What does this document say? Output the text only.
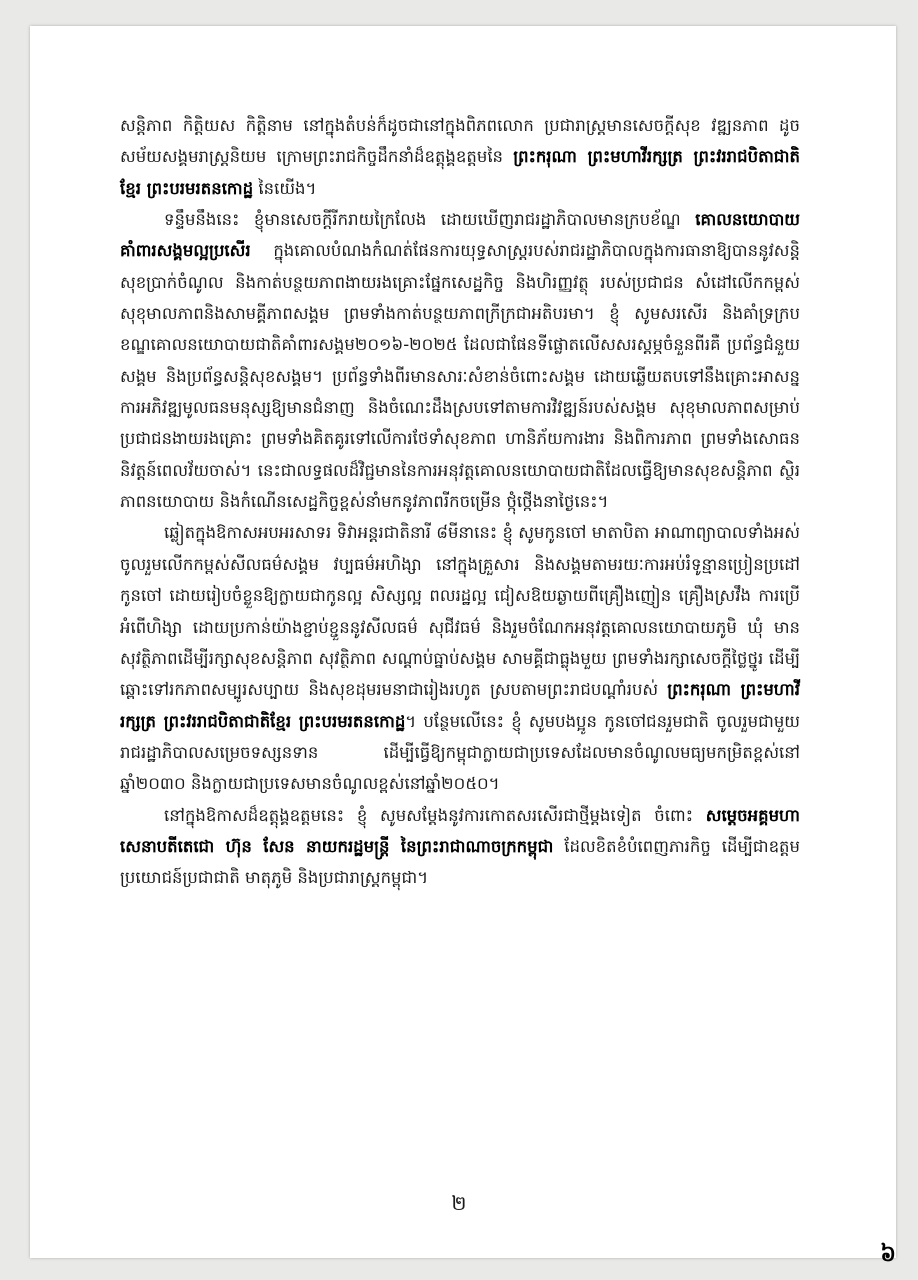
សន្តិភាព កិត្តិយស កិត្តិនាម នៅក្នុងតំបន់ក៏ដូចជានៅក្នុងពិភពលោក ប្រជារាស្ត្រមានសេចក្តីសុខ វឌ្ឍនភាព ដូចសម័យសង្គមរាស្ត្រនិយម ក្រោមព្រះរាជកិច្ចដឹកនាំដ៏ឧត្តុង្គឧត្តមនៃ ព្រះករុណា ព្រះមហាវីរក្សត្រ ព្រះវររាជបិតាជាតិខ្មែរ ព្រះបរមរតនកោដ្ឋ នៃយើង។

ទន្ទឹមនឹងនេះ ខ្ញុំមានសេចក្តីរីករាយក្រៃលែង ដោយឃើញរាជរដ្ឋាភិបាលមានក្របខ័ណ្ឌ គោលនយោបាយគាំពារសង្គមល្អប្រសើរ ក្នុងគោលបំណងកំណត់ផែនការយុទ្ធសាស្ត្ររបស់រាជរដ្ឋាភិបាលក្នុងការធានាឱ្យបាននូវសន្តិសុខប្រាក់ចំណូល និងកាត់បន្ថយភាពងាយរងគ្រោះផ្នែកសេដ្ឋកិច្ច និងហិរញ្ញវត្ថុ របស់ប្រជាជន សំដៅលើកកម្ពស់សុខុមាលភាពនិងសាមគ្គីភាពសង្គម ព្រមទាំងកាត់បន្ថយភាពក្រីក្រជាអតិបរមា។ ខ្ញុំ សូមសរសើរ និងគាំទ្រក្របខណ្ឌគោលនយោបាយជាតិគាំពារសង្គម២០១៦-២០២៥ ដែលជាផែនទីផ្លោតលើសសរស្តម្ភចំនួនពីរគឺ ប្រព័ន្ធជំនួយសង្គម និងប្រព័ន្ធសន្តិសុខសង្គម។ ប្រព័ន្ធទាំងពីរមានសារៈសំខាន់ចំពោះសង្គម ដោយឆ្លើយតបទៅនឹងគ្រោះអាសន្ន ការអភិវឌ្ឍមូលធនមនុស្សឱ្យមានជំនាញ និងចំណេះដឹងស្របទៅតាមការវិវឌ្ឍន៍របស់សង្គម សុខុមាលភាពសម្រាប់ប្រជាជនងាយរងគ្រោះ ព្រមទាំងគិតគូរទៅលើការថែទាំសុខភាព ហានិភ័យការងារ និងពិការភាព ព្រមទាំងសោធននិវត្តន៍ពេលវ័យចាស់។ នេះជាលទ្ធផលដ៏វិជ្ជមាននៃការអនុវត្តគោលនយោបាយជាតិដែលធ្វើឱ្យមានសុខសន្តិភាព ស្ថិរភាពនយោបាយ និងកំណើនសេដ្ឋកិច្ចខ្ពស់នាំមកនូវភាពរីកចម្រើន ថ្កុំថ្កើងនាថ្ងៃនេះ។

ឆ្លៀតក្នុងឱកាសអបអរសាទរ ទិវាអន្តរជាតិនារី ៨មីនានេះ ខ្ញុំ សូមកូនចៅ មាតាបិតា អាណាព្យាបាលទាំងអស់ចូលរួមលើកកម្ពស់សីលធម៌សង្គម វប្បធម៌អហិង្សា នៅក្នុងគ្រួសារ និងសង្គមតាមរយៈការអប់រំទូន្មានប្រៀនប្រដៅកូនចៅ ដោយរៀបចំខ្លួនឱ្យក្លាយជាកូនល្អ សិស្សល្អ ពលរដ្ឋល្អ ជៀសឱយឆ្ងាយពីគ្រឿងញៀន គ្រឿងស្រវឹង ការប្រើអំពើហិង្សា ដោយប្រកាន់យ៉ាងខ្ជាប់ខ្ជួននូវសីលធម៌ សុជីវធម៌ និងរួមចំណែកអនុវត្តគោលនយោបាយភូមិ ឃុំ មានសុវត្ថិភាពដើម្បីរក្សាសុខសន្តិភាព សុវត្ថិភាព សណ្តាប់ធ្នាប់សង្គម សាមគ្គីជាធ្លុងមួយ ព្រមទាំងរក្សាសេចក្តីថ្លៃថ្នូរ ដើម្បីឆ្ពោះទៅរកភាពសម្បូរសប្បាយ និងសុខដុមរមនាជារៀងរហូត ស្របតាមព្រះរាជបណ្តាំរបស់ ព្រះករុណា ព្រះមហាវីរក្សត្រ ព្រះវររាជបិតាជាតិខ្មែរ ព្រះបរមរតនកោដ្ឋ។ បន្ថែមលើនេះ ខ្ញុំ សូមបងប្អូន កូនចៅជនរួមជាតិ ចូលរួមជាមួយរាជរដ្ឋាភិបាលសម្រេចទស្សនទាន ដើម្បីធ្វើឱ្យកម្ពុជាក្លាយជាប្រទេសដែលមានចំណូលមធ្យមកម្រិតខ្ពស់នៅឆ្នាំ២០៣០ និងក្លាយជាប្រទេសមានចំណូលខ្ពស់នៅឆ្នាំ២០៥០។

នៅក្នុងឱកាសដ៏ឧត្តុង្គឧត្តមនេះ ខ្ញុំ សូមសម្តែងនូវការកោតសរសើរជាថ្មីម្តងទៀត ចំពោះ សម្តេចអគ្គមហាសេនាបតីតេជោ ហ៊ុន សែន នាយករដ្ឋមន្ត្រី នៃព្រះរាជាណាចក្រកម្ពុជា ដែលខិតខំបំពេញភារកិច្ច ដើម្បីជាឧត្តមប្រយោជន៍ប្រជាជាតិ មាតុភូមិ និងប្រជារាស្ត្រកម្ពុជា។

២
៦
